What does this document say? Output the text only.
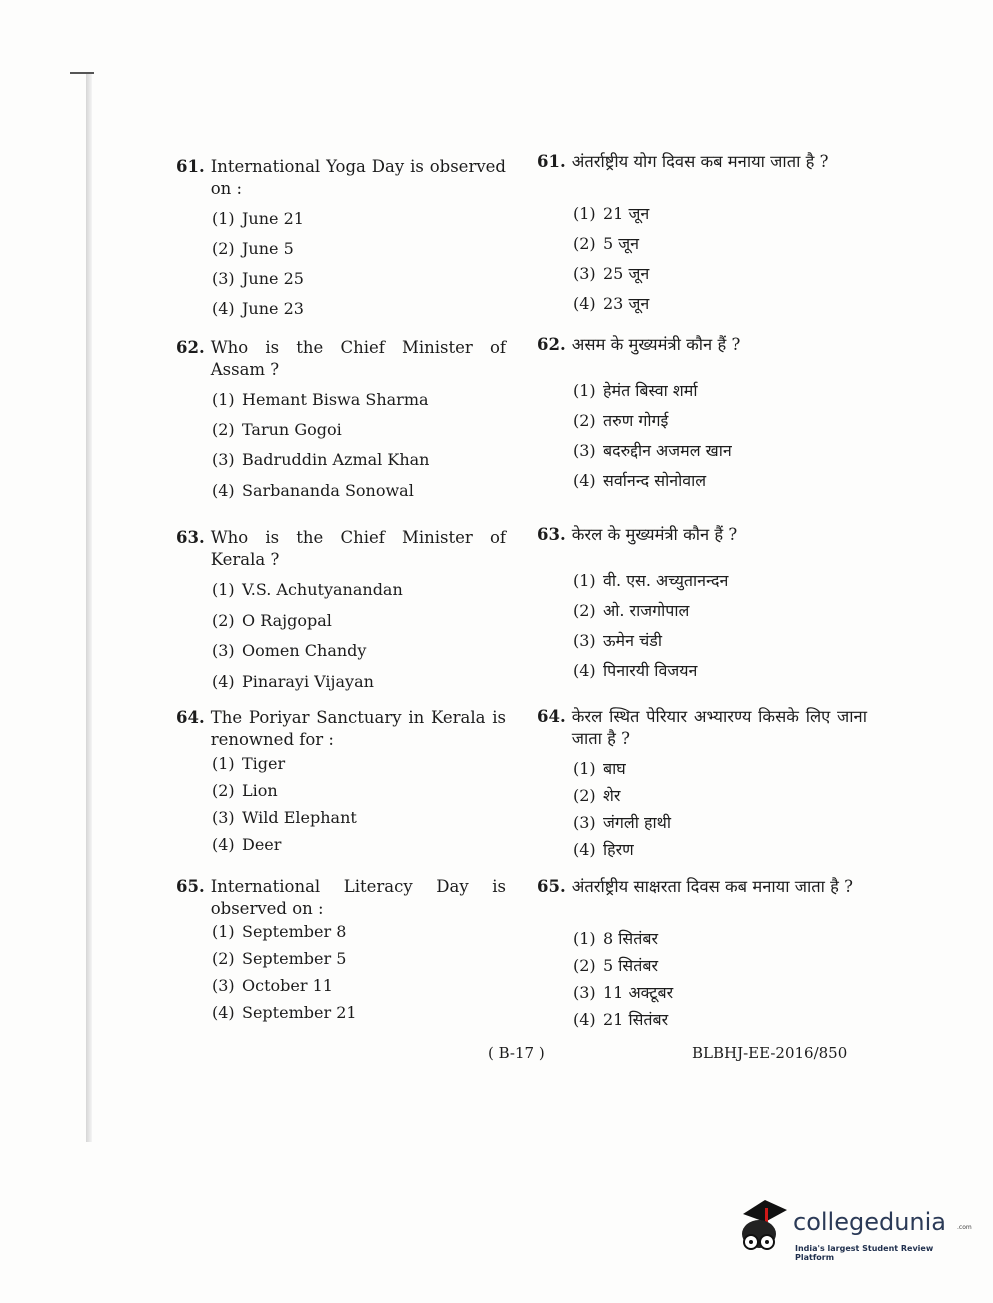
61. International Yoga Day is observed on :
(1) June 21
(2) June 5
(3) June 25
(4) June 23
62. Who is the Chief Minister of Assam ?
(1) Hemant Biswa Sharma
(2) Tarun Gogoi
(3) Badruddin Azmal Khan
(4) Sarbananda Sonowal
63. Who is the Chief Minister of Kerala ?
(1) V.S. Achutyanandan
(2) O Rajgopal
(3) Oomen Chandy
(4) Pinarayi Vijayan
64. The Poriyar Sanctuary in Kerala is renowned for :
(1) Tiger
(2) Lion
(3) Wild Elephant
(4) Deer
65. International Literacy Day is observed on :
(1) September 8
(2) September 5
(3) October 11
(4) September 21
61. अंतर्राष्ट्रीय योग दिवस कब मनाया जाता है ?
(1) 21 जून
(2) 5 जून
(3) 25 जून
(4) 23 जून
62. असम के मुख्यमंत्री कौन हैं ?
(1) हेमंत बिस्वा शर्मा
(2) तरुण गोगई
(3) बदरुद्दीन अजमल खान
(4) सर्वानन्द सोनोवाल
63. केरल के मुख्यमंत्री कौन हैं ?
(1) वी. एस. अच्युतानन्दन
(2) ओ. राजगोपाल
(3) ऊमेन चंडी
(4) पिनारयी विजयन
64. केरल स्थित पेरियार अभ्यारण्य किसके लिए जाना जाता है ?
(1) बाघ
(2) शेर
(3) जंगली हाथी
(4) हिरण
65. अंतर्राष्ट्रीय साक्षरता दिवस कब मनाया जाता है ?
(1) 8 सितंबर
(2) 5 सितंबर
(3) 11 अक्टूबर
(4) 21 सितंबर
( B-17 )	BLBHJ-EE-2016/850
collegedunia .com
India's largest Student Review Platform
